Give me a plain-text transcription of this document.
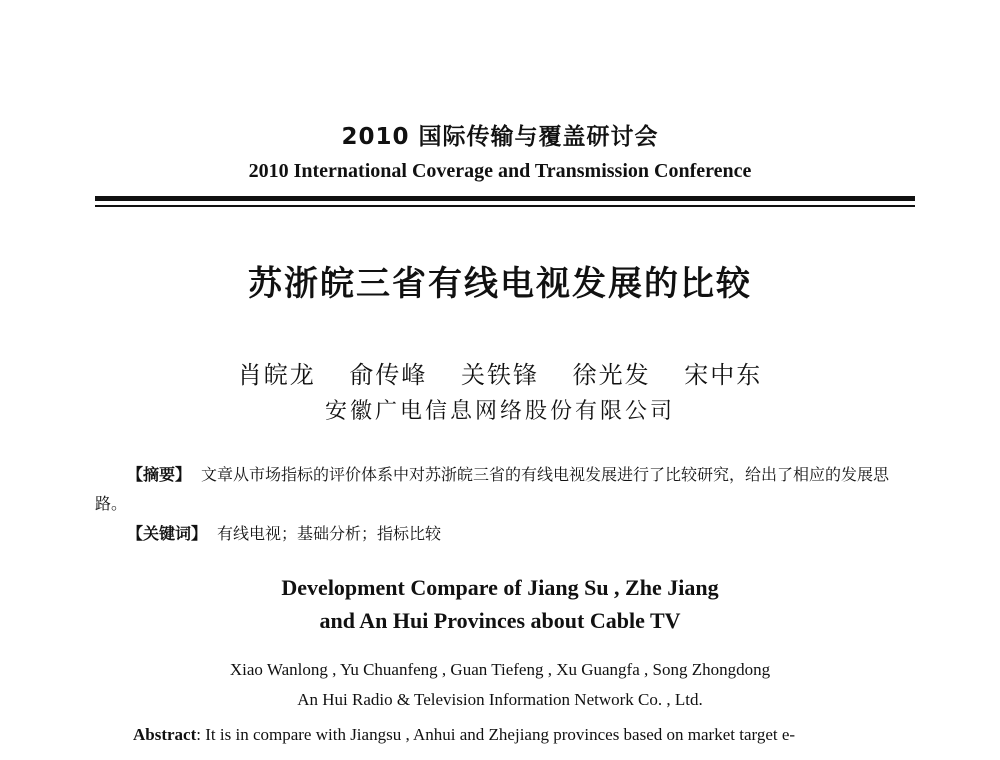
2010 国际传输与覆盖研讨会
2010 International Coverage and Transmission Conference
苏浙皖三省有线电视发展的比较
肖皖龙 俞传峰 关铁锋 徐光发 宋中东
安徽广电信息网络股份有限公司
【摘要】 文章从市场指标的评价体系中对苏浙皖三省的有线电视发展进行了比较研究，给出了相应的发展思路。
【关键词】 有线电视；基础分析；指标比较
Development Compare of Jiang Su , Zhe Jiang
and An Hui Provinces about Cable TV
Xiao Wanlong , Yu Chuanfeng , Guan Tiefeng , Xu Guangfa , Song Zhongdong
An Hui Radio & Television Information Network Co. , Ltd.
Abstract: It is in compare with Jiangsu , Anhui and Zhejiang provinces based on market target e-
